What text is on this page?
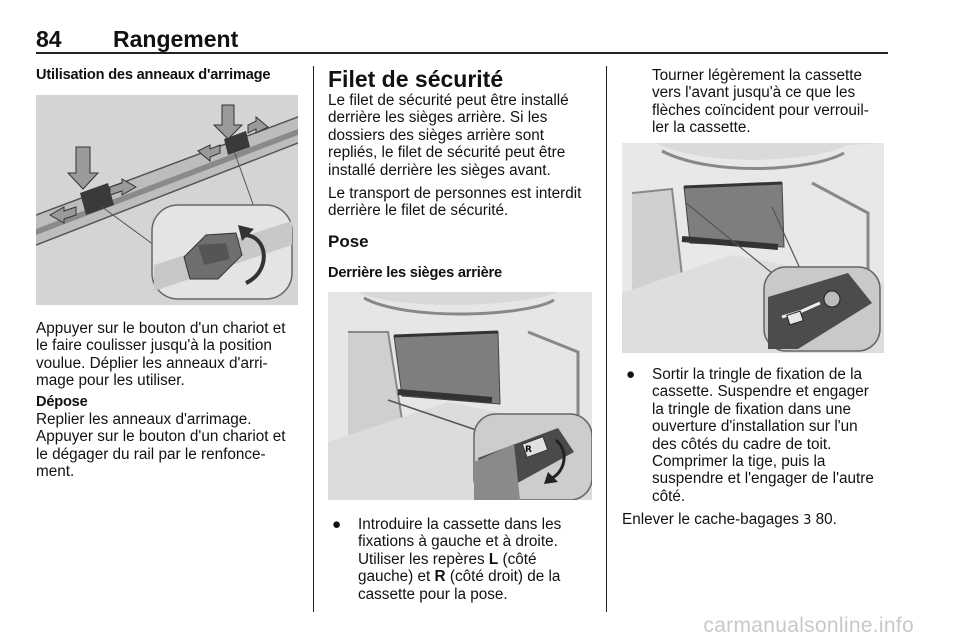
84 Rangement

Utilisation des anneaux d'arrimage

Appuyer sur le bouton d'un chariot et

le faire coulisser jusqu'à la position

voulue. Déplier les anneaux d'arri-

mage pour les utiliser.

Dépose

Replier les anneaux d'arrimage.

Appuyer sur le bouton d'un chariot et

le dégager du rail par le renfonce-

ment.

Filet de sécurité

Le filet de sécurité peut être installé

derrière les sièges arrière. Si les

dossiers des sièges arrière sont

repliés, le filet de sécurité peut être

installé derrière les sièges avant.

Le transport de personnes est interdit

derrière le filet de sécurité.

Pose

Derrière les sièges arrière

R
● Introduire la cassette dans les

fixations à gauche et à droite.

Utiliser les repères L (côté

gauche) et R (côté droit) de la

cassette pour la pose.

Tourner légèrement la cassette

vers l'avant jusqu'à ce que les

flèches coïncident pour verrouil-

ler la cassette.

● Sortir la tringle de fixation de la

cassette. Suspendre et engager

la tringle de fixation dans une

ouverture d'installation sur l'un

des côtés du cadre de toit.

Comprimer la tige, puis la

suspendre et l'engager de l'autre

côté.

Enlever le cache-bagages 3 80.

carmanualsonline.info
